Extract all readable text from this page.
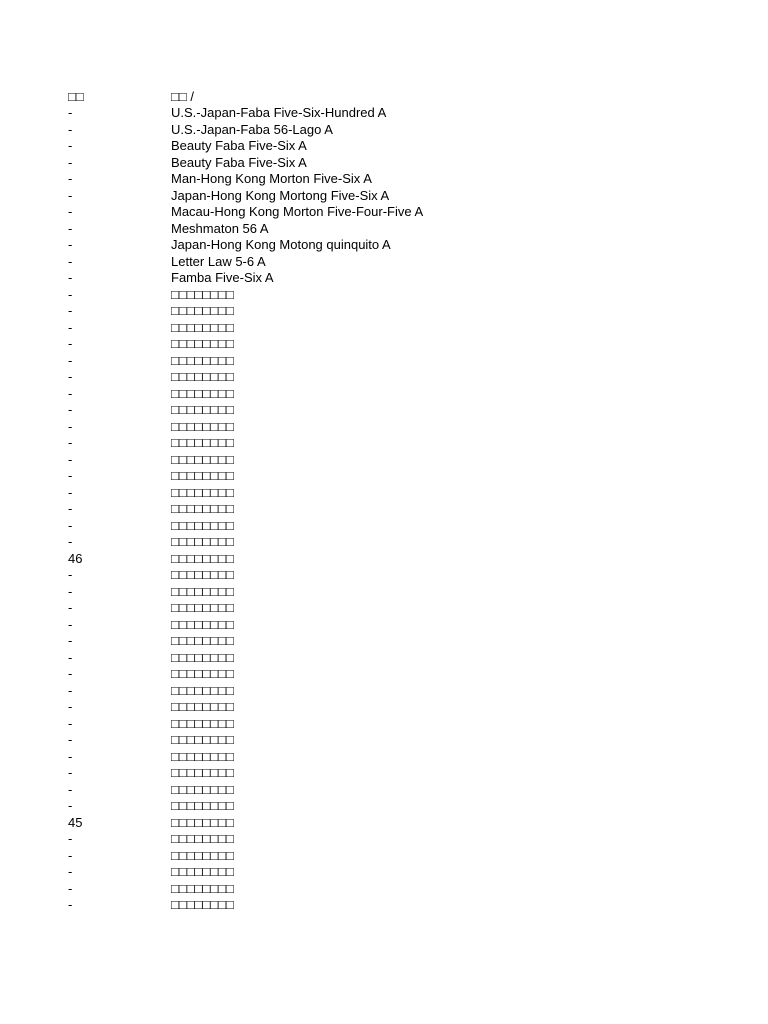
□□	□□ /
-	U.S.-Japan-Faba Five-Six-Hundred A
-	U.S.-Japan-Faba 56-Lago A
-	Beauty Faba Five-Six A
-	Beauty Faba Five-Six A
-	Man-Hong Kong Morton Five-Six A
-	Japan-Hong Kong Mortong Five-Six A
-	Macau-Hong Kong Morton Five-Four-Five A
-	Meshmaton 56 A
-	Japan-Hong Kong Motong quinquito A
-	Letter Law 5-6 A
-	Famba Five-Six A
-	□□□□□□□□
-	□□□□□□□□
-	□□□□□□□□
-	□□□□□□□□
-	□□□□□□□□
-	□□□□□□□□
-	□□□□□□□□
-	□□□□□□□□
-	□□□□□□□□
-	□□□□□□□□
-	□□□□□□□□
-	□□□□□□□□
-	□□□□□□□□
-	□□□□□□□□
-	□□□□□□□□
-	□□□□□□□□
46	□□□□□□□□
-	□□□□□□□□
-	□□□□□□□□
-	□□□□□□□□
-	□□□□□□□□
-	□□□□□□□□
-	□□□□□□□□
-	□□□□□□□□
-	□□□□□□□□
-	□□□□□□□□
-	□□□□□□□□
-	□□□□□□□□
-	□□□□□□□□
-	□□□□□□□□
-	□□□□□□□□
-	□□□□□□□□
45	□□□□□□□□
-	□□□□□□□□
-	□□□□□□□□
-	□□□□□□□□
-	□□□□□□□□
-	□□□□□□□□
